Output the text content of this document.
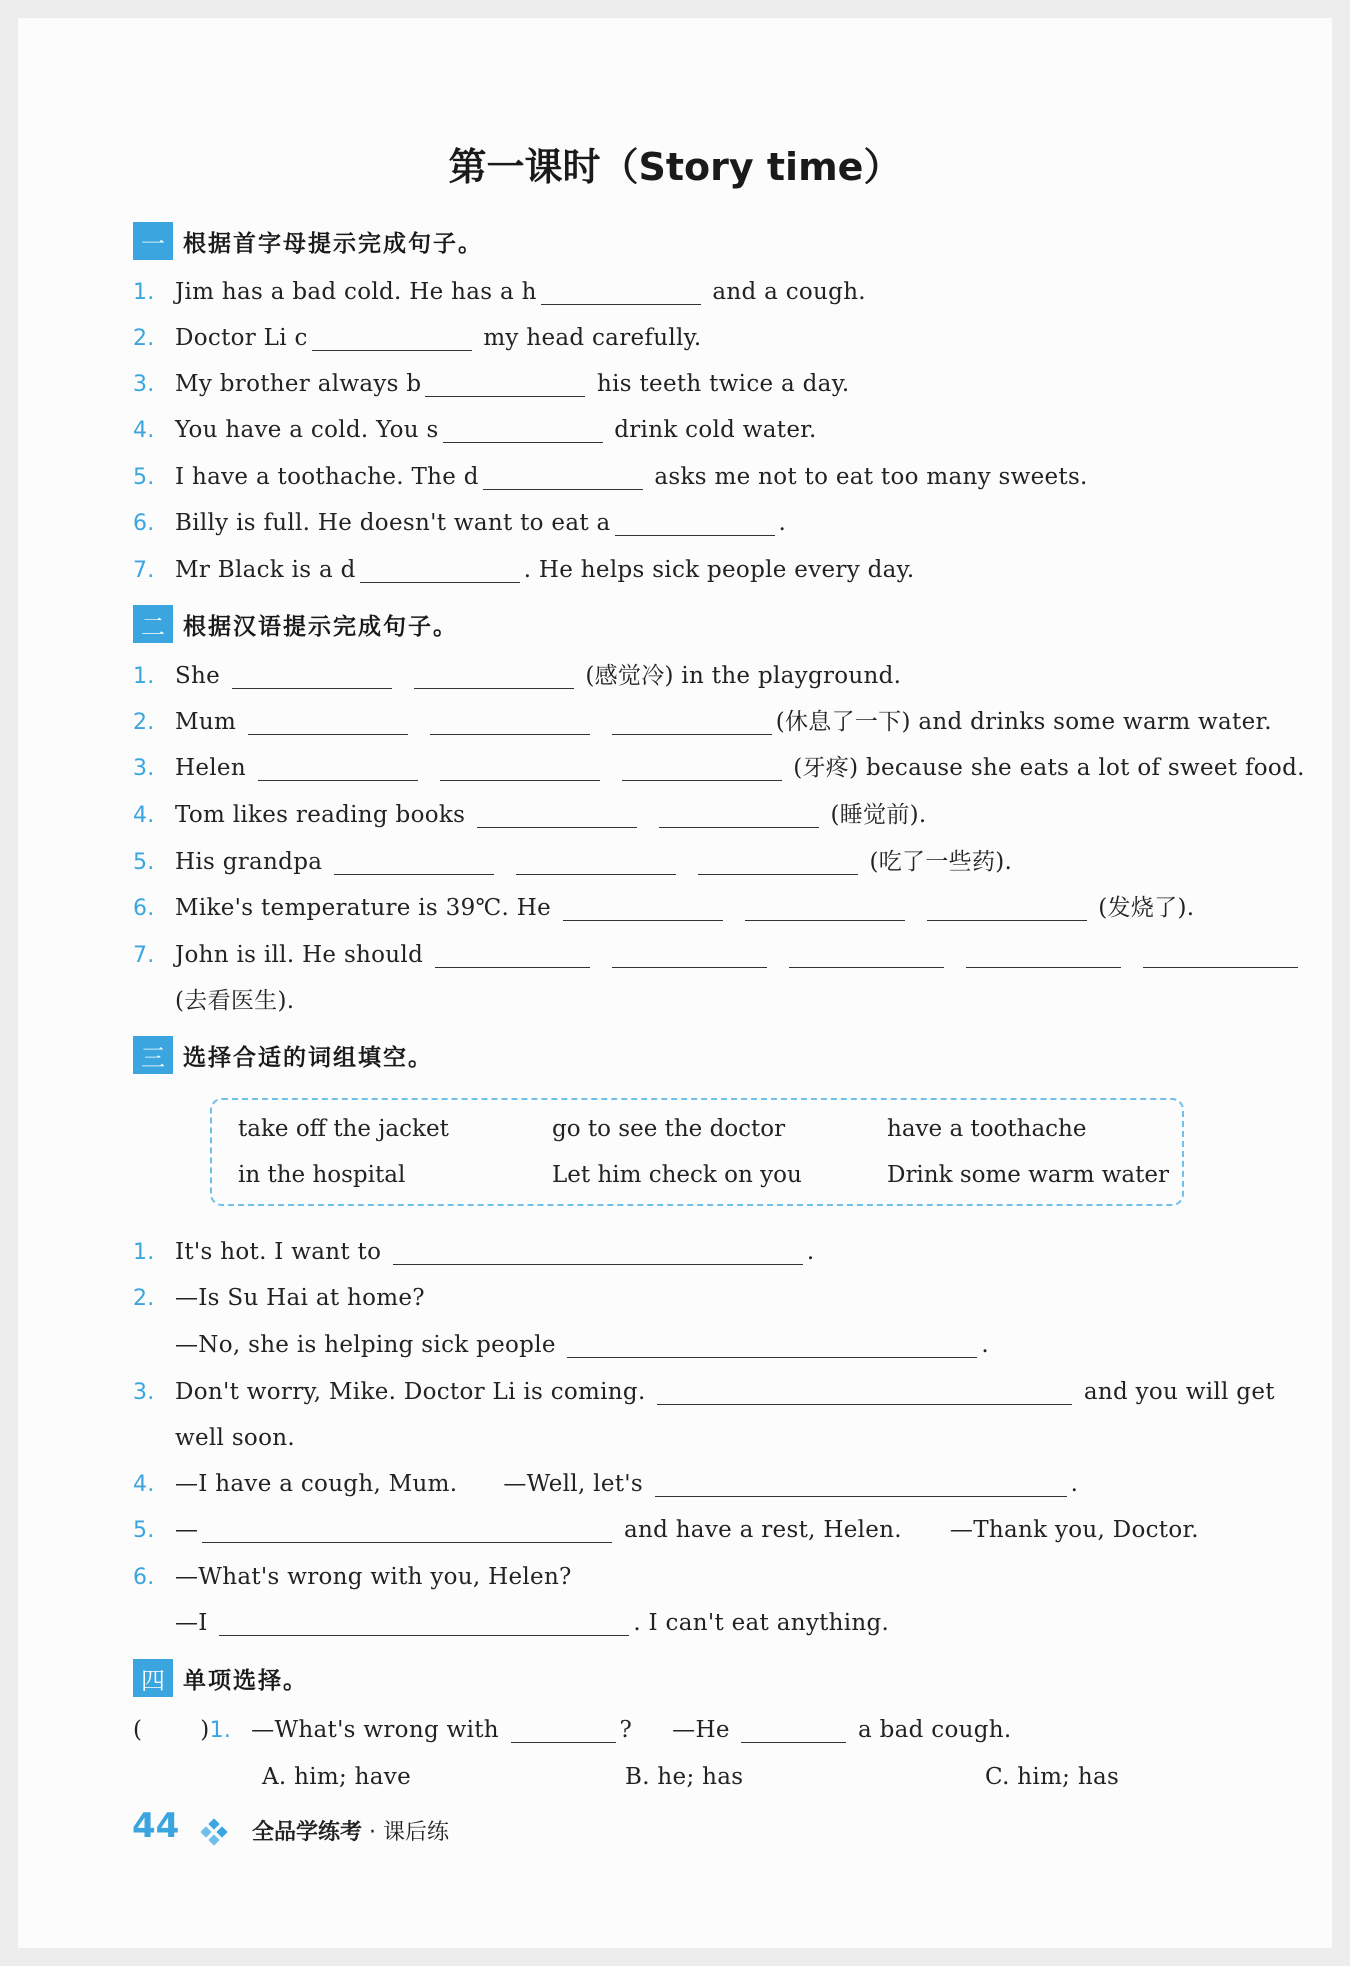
第一课时（Story time）
一 根据首字母提示完成句子。
1. Jim has a bad cold. He has a h	and a cough.
2. Doctor Li c	my head carefully.
3. My brother always b	his teeth twice a day.
4. You have a cold. You s	drink cold water.
5. I have a toothache. The d	asks me not to eat too many sweets.
6. Billy is full. He doesn't want to eat a	.
7. Mr Black is a d	. He helps sick people every day.
二 根据汉语提示完成句子。
1. She	(感觉冷) in the playground.
2. Mum	(休息了一下) and drinks some warm water.
3. Helen	(牙疼) because she eats a lot of sweet food.
4. Tom likes reading books	(睡觉前).
5. His grandpa	(吃了一些药).
6. Mike's temperature is 39℃. He	(发烧了).
7. John is ill. He should
(去看医生).
三 选择合适的词组填空。
take off the jacket	go to see the doctor	have a toothache
in the hospital	Let him check on you	Drink some warm water
1. It's hot. I want to	.
2. —Is Su Hai at home?
—No, she is helping sick people	.
3. Don't worry, Mike. Doctor Li is coming.	and you will get
well soon.
4. —I have a cough, Mum. —Well, let's	.
5. —	and have a rest, Helen. —Thank you, Doctor.
6. —What's wrong with you, Helen?
—I	. I can't eat anything.
四 单项选择。
(	)1. —What's wrong with	? —He	a bad cough.
A. him; have	B. he; has	C. him; has
44	全品学练考 · 课后练
